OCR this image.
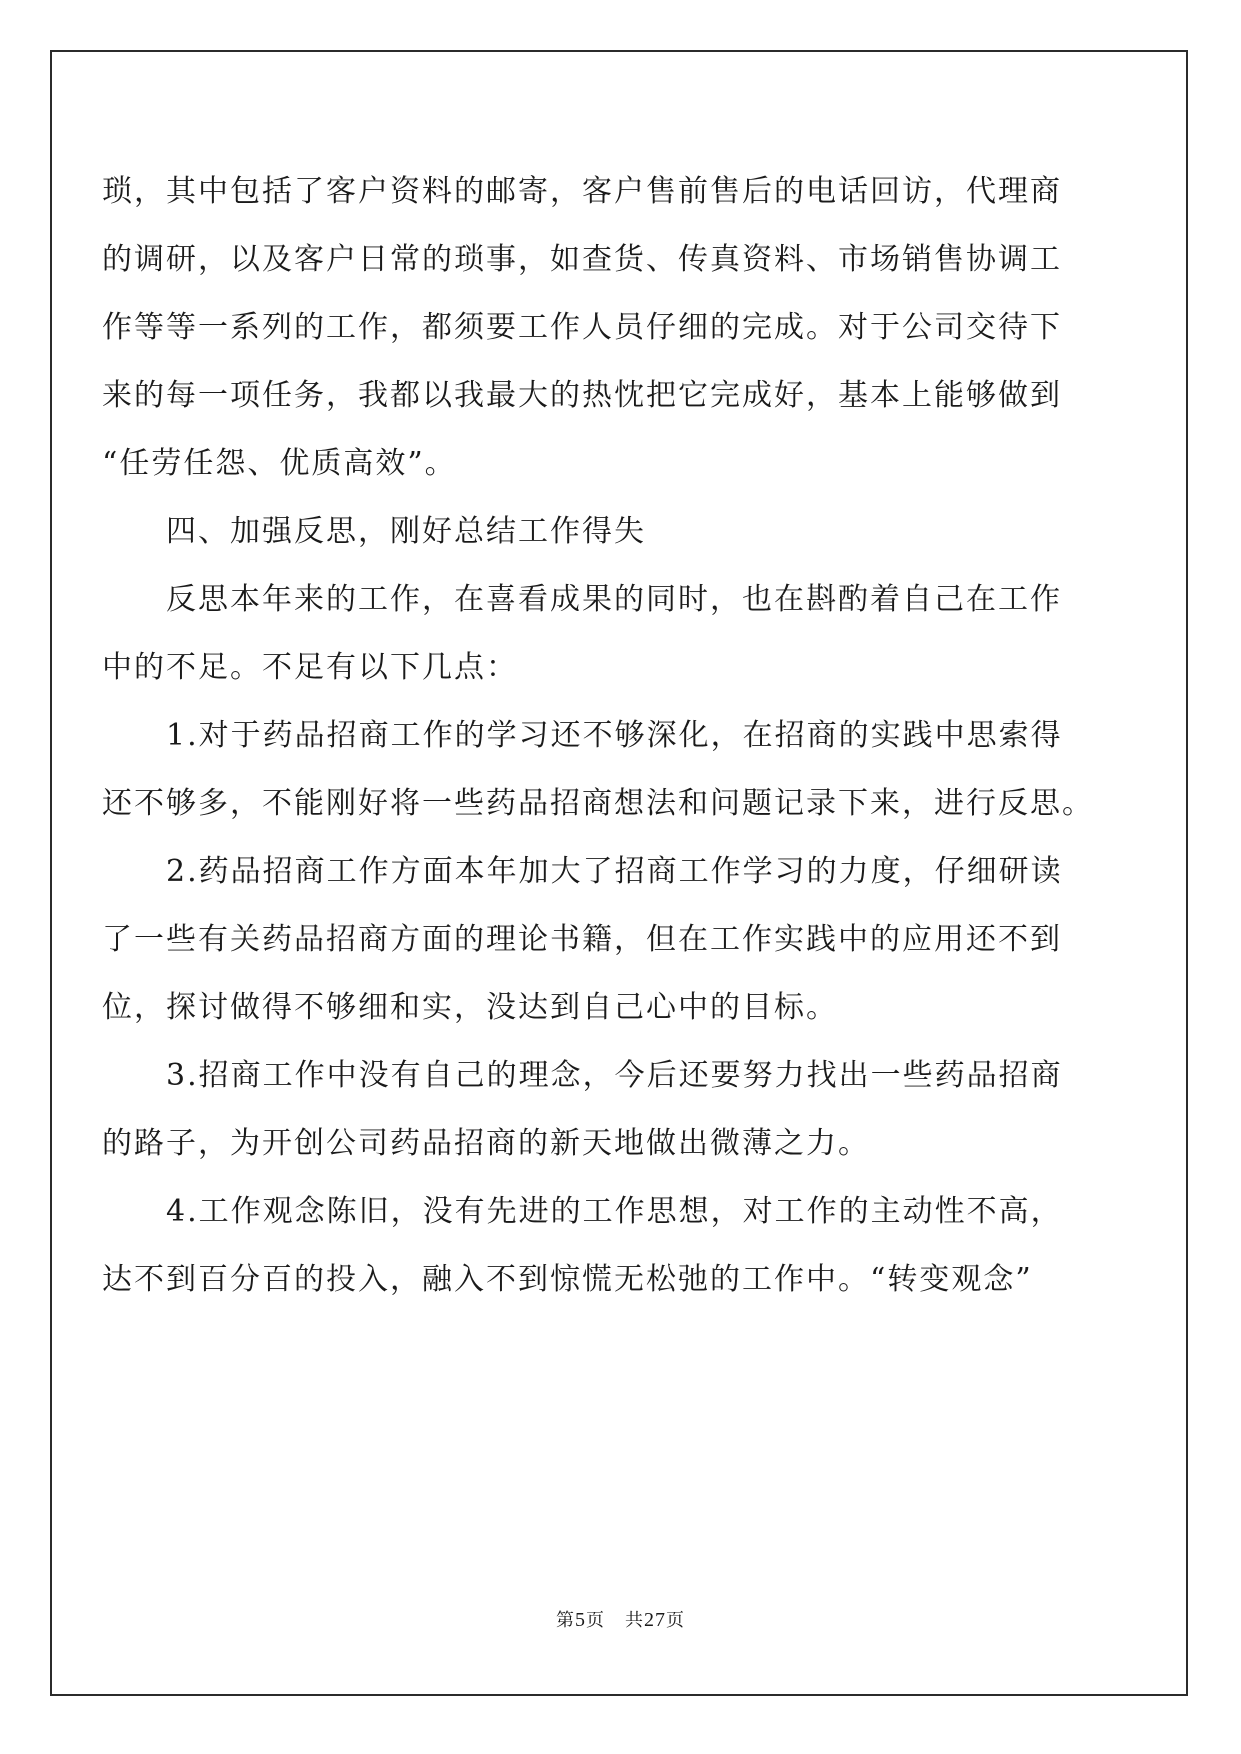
琐，其中包括了客户资料的邮寄，客户售前售后的电话回访，代理商
的调研，以及客户日常的琐事，如查货、传真资料、市场销售协调工
作等等一系列的工作，都须要工作人员仔细的完成。对于公司交待下
来的每一项任务，我都以我最大的热忱把它完成好，基本上能够做到
“任劳任怨、优质高效”。
四、加强反思，刚好总结工作得失
反思本年来的工作，在喜看成果的同时，也在斟酌着自己在工作
中的不足。不足有以下几点：
1.对于药品招商工作的学习还不够深化，在招商的实践中思索得
还不够多，不能刚好将一些药品招商想法和问题记录下来，进行反思。
2.药品招商工作方面本年加大了招商工作学习的力度，仔细研读
了一些有关药品招商方面的理论书籍，但在工作实践中的应用还不到
位，探讨做得不够细和实，没达到自己心中的目标。
3.招商工作中没有自己的理念，今后还要努力找出一些药品招商
的路子，为开创公司药品招商的新天地做出微薄之力。
4.工作观念陈旧，没有先进的工作思想，对工作的主动性不高，
达不到百分百的投入，融入不到惊慌无松弛的工作中。“转变观念”
第5页 共27页
